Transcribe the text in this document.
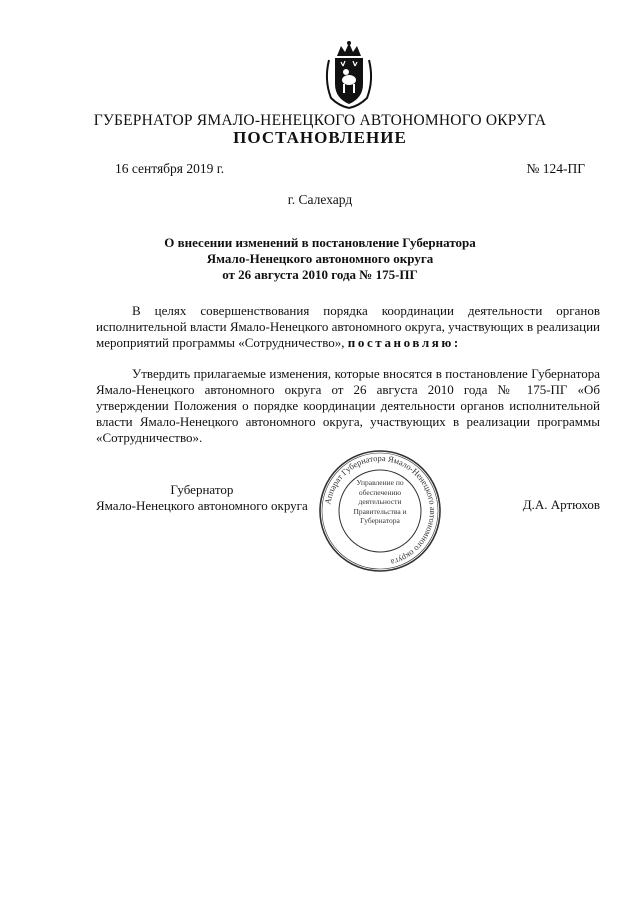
ГУБЕРНАТОР ЯМАЛО-НЕНЕЦКОГО АВТОНОМНОГО ОКРУГА
ПОСТАНОВЛЕНИЕ
16 сентября 2019 г.	№ 124-ПГ
г. Салехард
О внесении изменений в постановление Губернатора
Ямало-Ненецкого автономного округа
от 26 августа 2010 года № 175-ПГ
В целях совершенствования порядка координации деятельности органов исполнительной власти Ямало-Ненецкого автономного округа, участвующих в реализации мероприятий программы «Сотрудничество», постановляю:
Утвердить прилагаемые изменения, которые вносятся в постановление Губернатора Ямало-Ненецкого автономного округа от 26 августа 2010 года № 175-ПГ «Об утверждении Положения о порядке координации деятельности органов исполнительной власти Ямало-Ненецкого автономного округа, участвующих в реализации программы «Сотрудничество».
Губернатор
Ямало-Ненецкого автономного округа Аппарат Губернатора Ямало-Ненецкого автономного округа
Управление по обеспечению деятельности Правительства и Губернатора
Д.А. Артюхов
